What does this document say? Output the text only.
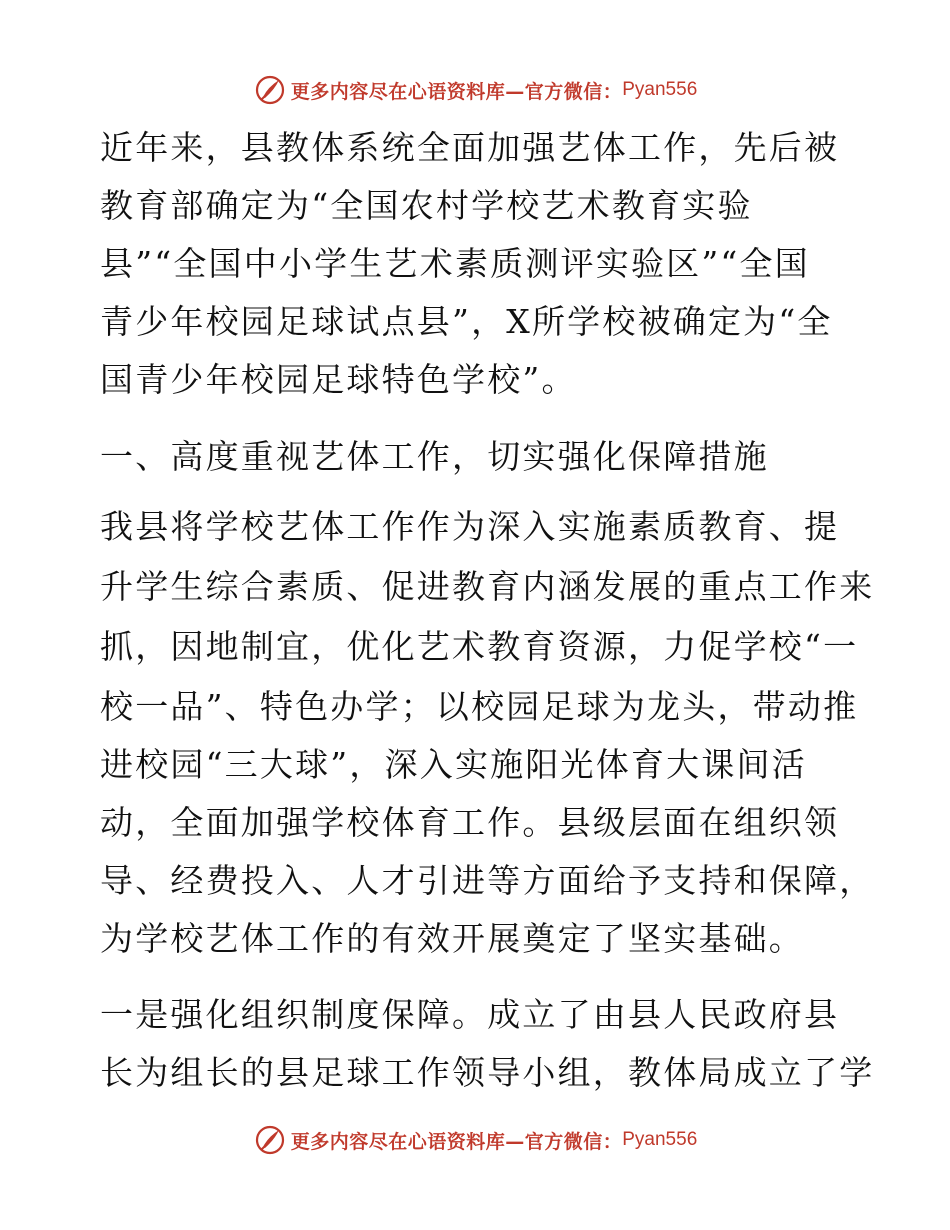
更多内容尽在心语资料库—官方微信： Pyan556
近年来，县教体系统全面加强艺体工作，先后被
教育部确定为“全国农村学校艺术教育实验
县”“全国中小学生艺术素质测评实验区”“全国
青少年校园足球试点县”，X所学校被确定为“全
国青少年校园足球特色学校”。
一、高度重视艺体工作，切实强化保障措施
我县将学校艺体工作作为深入实施素质教育、提
升学生综合素质、促进教育内涵发展的重点工作来
抓，因地制宜，优化艺术教育资源，力促学校“一
校一品”、特色办学；以校园足球为龙头，带动推
进校园“三大球”，深入实施阳光体育大课间活
动，全面加强学校体育工作。县级层面在组织领
导、经费投入、人才引进等方面给予支持和保障，
为学校艺体工作的有效开展奠定了坚实基础。
一是强化组织制度保障。成立了由县人民政府县
长为组长的县足球工作领导小组，教体局成立了学
更多内容尽在心语资料库—官方微信： Pyan556
